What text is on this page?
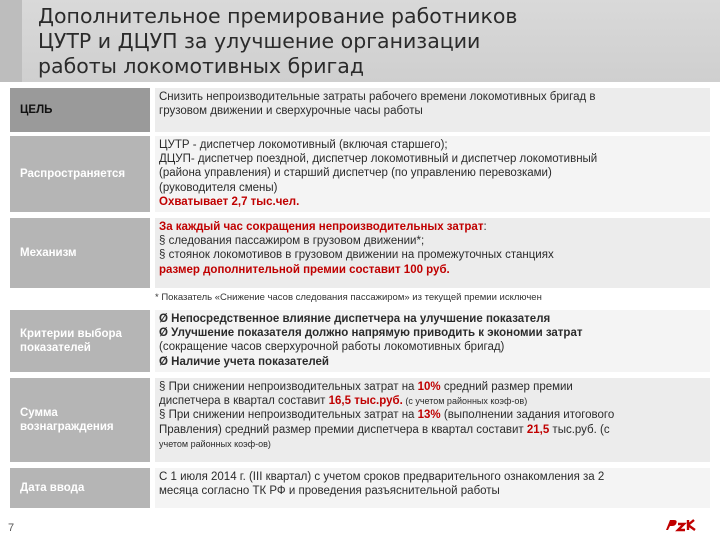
Дополнительное премирование работников
ЦУТР и ДЦУП за улучшение организации
работы локомотивных бригад
ЦЕЛЬ
Снизить непроизводительные затраты рабочего времени локомотивных бригад в
грузовом движении и сверхурочные часы работы
Распространяется
ЦУТР - диспетчер локомотивный (включая старшего);
ДЦУП- диспетчер поездной, диспетчер локомотивный и диспетчер локомотивный
(района управления) и старший диспетчер (по управлению перевозками)
(руководителя смены)
Охватывает 2,7 тыс.чел.
Механизм
За каждый час сокращения непроизводительных затрат:
§ следования пассажиром в грузовом движении*;
§ стоянок локомотивов в грузовом движении на промежуточных станциях
размер дополнительной премии составит 100 руб.
* Показатель «Снижение часов следования пассажиром» из текущей премии исключен
Критерии выбора
показателей
Ø Непосредственное влияние диспетчера на улучшение показателя
Ø Улучшение показателя должно напрямую приводить к экономии затрат
(сокращение часов сверхурочной работы локомотивных бригад)
Ø Наличие учета показателей
Сумма
вознаграждения
§ При снижении непроизводительных затрат на 10% средний размер премии
диспетчера в квартал составит 16,5 тыс.руб. (с учетом районных коэф-ов)
§ При снижении непроизводительных затрат на 13% (выполнении задания итогового
Правления) средний размер премии диспетчера в квартал составит 21,5 тыс.руб. (с
учетом районных коэф-ов)
Дата ввода
С 1 июля 2014 г. (III квартал) с учетом сроков предварительного ознакомления за 2
месяца согласно ТК РФ и проведения разъяснительной работы
7
